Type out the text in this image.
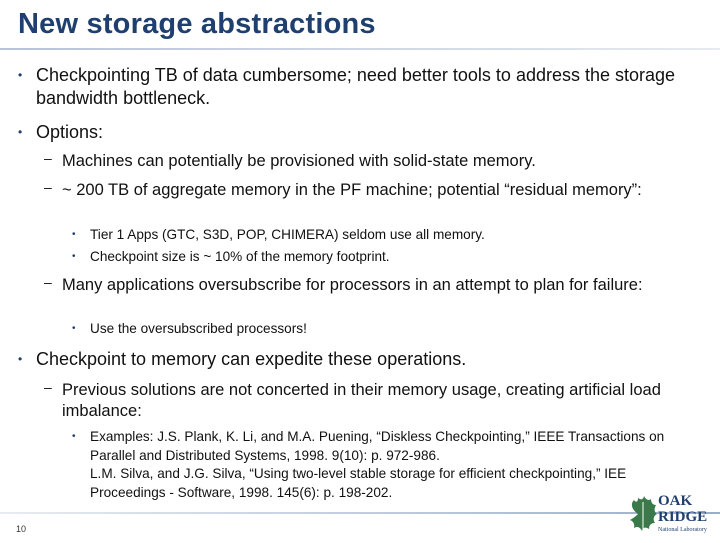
New storage abstractions
• Checkpointing TB of data cumbersome; need better tools to address the storage bandwidth bottleneck.
• Options:
– Machines can potentially be provisioned with solid-state memory.
– ~ 200 TB of aggregate memory in the PF machine; potential “residual memory”:
• Tier 1 Apps (GTC, S3D, POP, CHIMERA) seldom use all memory.
• Checkpoint size is ~ 10% of the memory footprint.
– Many applications oversubscribe for processors in an attempt to plan for failure:
• Use the oversubscribed processors!
• Checkpoint to memory can expedite these operations.
– Previous solutions are not concerted in their memory usage, creating artificial load imbalance:
• Examples: J.S. Plank, K. Li, and M.A. Puening, “Diskless Checkpointing,” IEEE Transactions on Parallel and Distributed Systems, 1998. 9(10): p. 972-986.
L.M. Silva, and J.G. Silva, “Using two-level stable storage for efficient checkpointing,” IEE Proceedings - Software, 1998. 145(6): p. 198-202.
10
OAK
RIDGE
National Laboratory
